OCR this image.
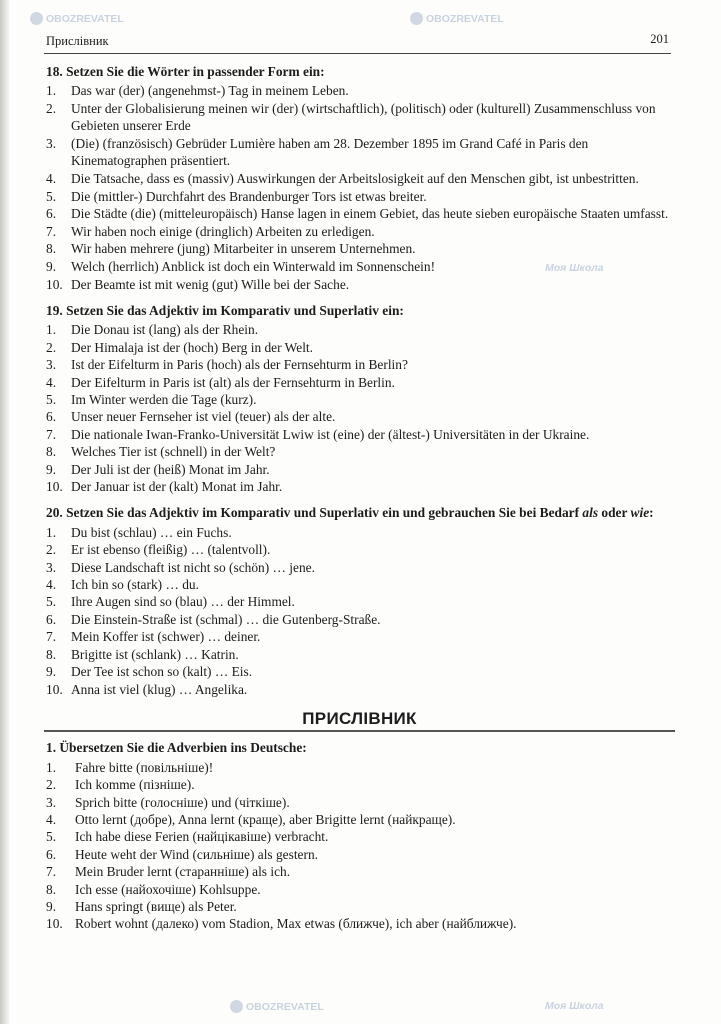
Прислівник	201
18. Setzen Sie die Wörter in passender Form ein:
1. Das war (der) (angenehmst-) Tag in meinem Leben.
2. Unter der Globalisierung meinen wir (der) (wirtschaftlich), (politisch) oder (kulturell) Zusammenschluss von Gebieten unserer Erde
3. (Die) (französisch) Gebrüder Lumière haben am 28. Dezember 1895 im Grand Café in Paris den Kinematographen präsentiert.
4. Die Tatsache, dass es (massiv) Auswirkungen der Arbeitslosigkeit auf den Menschen gibt, ist unbestritten.
5. Die (mittler-) Durchfahrt des Brandenburger Tors ist etwas breiter.
6. Die Städte (die) (mitteleuropäisch) Hanse lagen in einem Gebiet, das heute sieben europäische Staaten umfasst.
7. Wir haben noch einige (dringlich) Arbeiten zu erledigen.
8. Wir haben mehrere (jung) Mitarbeiter in unserem Unternehmen.
9. Welch (herrlich) Anblick ist doch ein Winterwald im Sonnenschein!
10. Der Beamte ist mit wenig (gut) Wille bei der Sache.
19. Setzen Sie das Adjektiv im Komparativ und Superlativ ein:
1. Die Donau ist (lang) als der Rhein.
2. Der Himalaja ist der (hoch) Berg in der Welt.
3. Ist der Eifelturm in Paris (hoch) als der Fernsehturm in Berlin?
4. Der Eifelturm in Paris ist (alt) als der Fernsehturm in Berlin.
5. Im Winter werden die Tage (kurz).
6. Unser neuer Fernseher ist viel (teuer) als der alte.
7. Die nationale Iwan-Franko-Universität Lwiw ist (eine) der (ältest-) Universitäten in der Ukraine.
8. Welches Tier ist (schnell) in der Welt?
9. Der Juli ist der (heiß) Monat im Jahr.
10. Der Januar ist der (kalt) Monat im Jahr.
20. Setzen Sie das Adjektiv im Komparativ und Superlativ ein und gebrauchen Sie bei Bedarf als oder wie:
1. Du bist (schlau) … ein Fuchs.
2. Er ist ebenso (fleißig) … (talentvoll).
3. Diese Landschaft ist nicht so (schön) … jene.
4. Ich bin so (stark) … du.
5. Ihre Augen sind so (blau) … der Himmel.
6. Die Einstein-Straße ist (schmal) … die Gutenberg-Straße.
7. Mein Koffer ist (schwer) … deiner.
8. Brigitte ist (schlank) … Katrin.
9. Der Tee ist schon so (kalt) … Eis.
10. Anna ist viel (klug) … Angelika.
ПРИСЛІВНИК
1. Übersetzen Sie die Adverbien ins Deutsche:
1. Fahre bitte (повільніше)!
2. Ich komme (пізніше).
3. Sprich bitte (голосніше) und (чіткіше).
4. Otto lernt (добре), Anna lernt (краще), aber Brigitte lernt (найкраще).
5. Ich habe diese Ferien (найцікавіше) verbracht.
6. Heute weht der Wind (сильніше) als gestern.
7. Mein Bruder lernt (старанніше) als ich.
8. Ich esse (найохочіше) Kohlsuppe.
9. Hans springt (вище) als Peter.
10. Robert wohnt (далеко) vom Stadion, Max etwas (ближче), ich aber (найближче).
OBOZREVATEL	OBOZREVATEL
Моя Школа
Моя Школа
OBOZREVATEL
